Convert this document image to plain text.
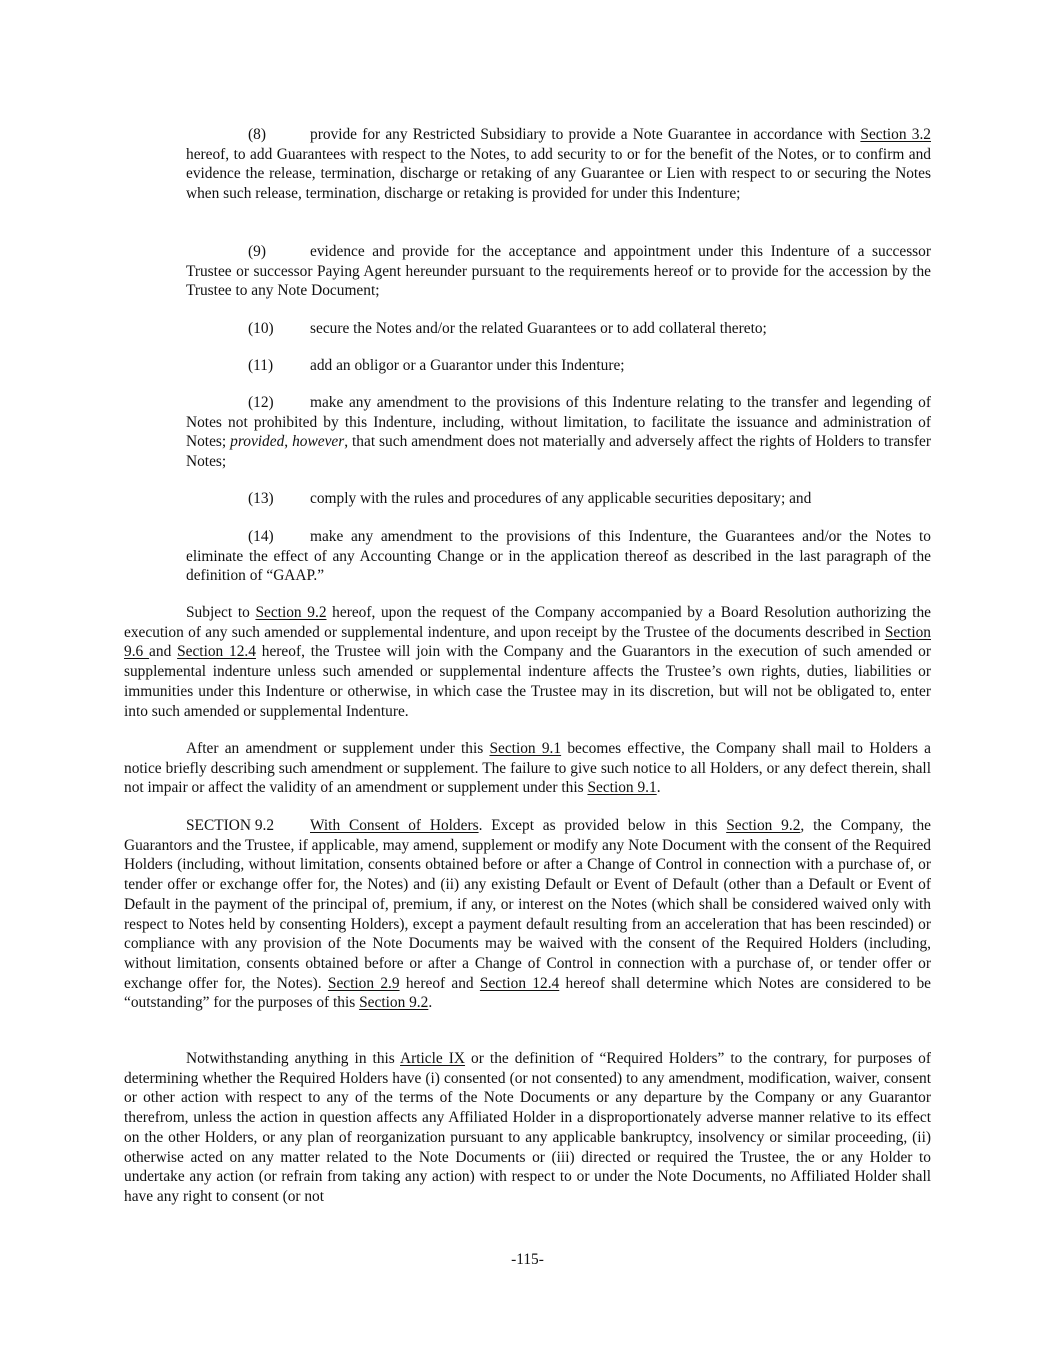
(8)	provide for any Restricted Subsidiary to provide a Note Guarantee in accordance with Section 3.2 hereof, to add Guarantees with respect to the Notes, to add security to or for the benefit of the Notes, or to confirm and evidence the release, termination, discharge or retaking of any Guarantee or Lien with respect to or securing the Notes when such release, termination, discharge or retaking is provided for under this Indenture;

(9)	evidence and provide for the acceptance and appointment under this Indenture of a successor Trustee or successor Paying Agent hereunder pursuant to the requirements hereof or to provide for the accession by the Trustee to any Note Document;

(10) secure the Notes and/or the related Guarantees or to add collateral thereto;

(11) add an obligor or a Guarantor under this Indenture;

(12) make any amendment to the provisions of this Indenture relating to the transfer and legending of Notes not prohibited by this Indenture, including, without limitation, to facilitate the issuance and administration of Notes; provided, however, that such amendment does not materially and adversely affect the rights of Holders to transfer Notes;

(13) comply with the rules and procedures of any applicable securities depositary; and

(14) make any amendment to the provisions of this Indenture, the Guarantees and/or the Notes to eliminate the effect of any Accounting Change or in the application thereof as described in the last paragraph of the definition of “GAAP.”

Subject to Section 9.2 hereof, upon the request of the Company accompanied by a Board Resolution authorizing the execution of any such amended or supplemental indenture, and upon receipt by the Trustee of the documents described in Section 9.6 and Section 12.4 hereof, the Trustee will join with the Company and the Guarantors in the execution of such amended or supplemental indenture unless such amended or supplemental indenture affects the Trustee’s own rights, duties, liabilities or immunities under this Indenture or otherwise, in which case the Trustee may in its discretion, but will not be obligated to, enter into such amended or supplemental Indenture.

After an amendment or supplement under this Section 9.1 becomes effective, the Company shall mail to Holders a notice briefly describing such amendment or supplement. The failure to give such notice to all Holders, or any defect therein, shall not impair or affect the validity of an amendment or supplement under this Section 9.1.

SECTION 9.2 With Consent of Holders. Except as provided below in this Section 9.2, the Company, the Guarantors and the Trustee, if applicable, may amend, supplement or modify any Note Document with the consent of the Required Holders (including, without limitation, consents obtained before or after a Change of Control in connection with a purchase of, or tender offer or exchange offer for, the Notes) and (ii) any existing Default or Event of Default (other than a Default or Event of Default in the payment of the principal of, premium, if any, or interest on the Notes (which shall be considered waived only with respect to Notes held by consenting Holders), except a payment default resulting from an acceleration that has been rescinded) or compliance with any provision of the Note Documents may be waived with the consent of the Required Holders (including, without limitation, consents obtained before or after a Change of Control in connection with a purchase of, or tender offer or exchange offer for, the Notes). Section 2.9 hereof and Section 12.4 hereof shall determine which Notes are considered to be “outstanding” for the purposes of this Section 9.2.

Notwithstanding anything in this Article IX or the definition of “Required Holders” to the contrary, for purposes of determining whether the Required Holders have (i) consented (or not consented) to any amendment, modification, waiver, consent or other action with respect to any of the terms of the Note Documents or any departure by the Company or any Guarantor therefrom, unless the action in question affects any Affiliated Holder in a disproportionately adverse manner relative to its effect on the other Holders, or any plan of reorganization pursuant to any applicable bankruptcy, insolvency or similar proceeding, (ii) otherwise acted on any matter related to the Note Documents or (iii) directed or required the Trustee, the or any Holder to undertake any action (or refrain from taking any action) with respect to or under the Note Documents, no Affiliated Holder shall have any right to consent (or not

-115-
